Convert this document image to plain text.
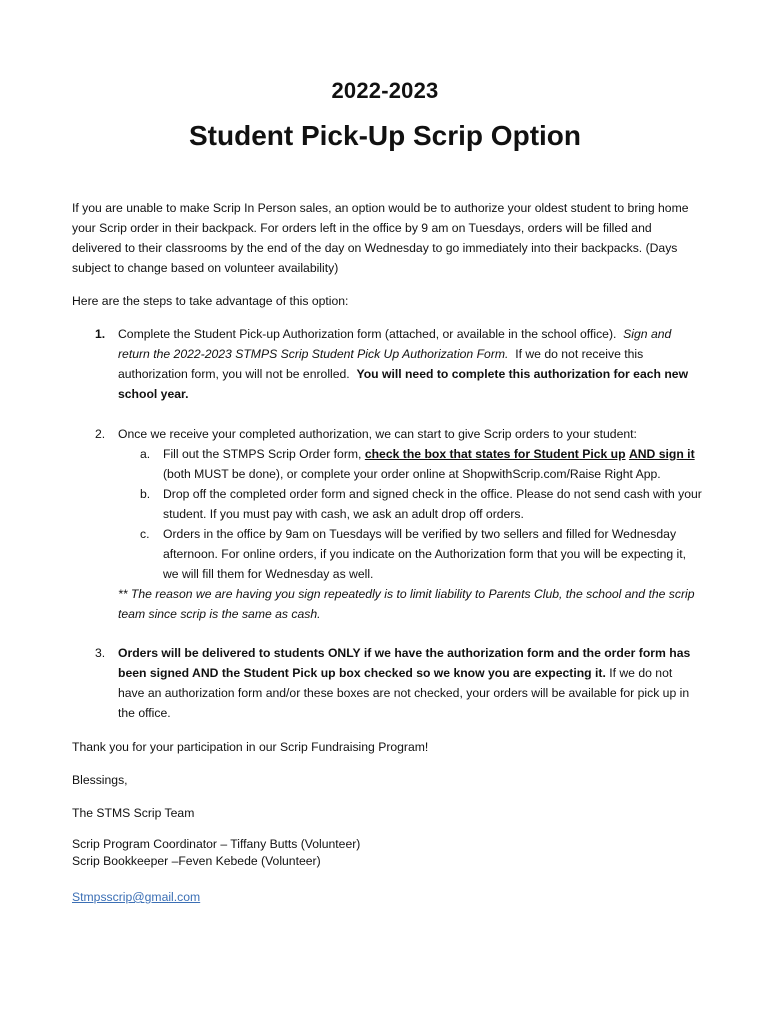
2022-2023
Student Pick-Up Scrip Option
If you are unable to make Scrip In Person sales, an option would be to authorize your oldest student to bring home your Scrip order in their backpack. For orders left in the office by 9 am on Tuesdays, orders will be filled and delivered to their classrooms by the end of the day on Wednesday to go immediately into their backpacks. (Days subject to change based on volunteer availability)
Here are the steps to take advantage of this option:
1. Complete the Student Pick-up Authorization form (attached, or available in the school office). Sign and return the 2022-2023 STMPS Scrip Student Pick Up Authorization Form. If we do not receive this authorization form, you will not be enrolled. You will need to complete this authorization for each new school year.
2. Once we receive your completed authorization, we can start to give Scrip orders to your student:
a. Fill out the STMPS Scrip Order form, check the box that states for Student Pick up AND sign it (both MUST be done), or complete your order online at ShopwithScrip.com/Raise Right App.
b. Drop off the completed order form and signed check in the office. Please do not send cash with your student. If you must pay with cash, we ask an adult drop off orders.
c. Orders in the office by 9am on Tuesdays will be verified by two sellers and filled for Wednesday afternoon. For online orders, if you indicate on the Authorization form that you will be expecting it, we will fill them for Wednesday as well.
** The reason we are having you sign repeatedly is to limit liability to Parents Club, the school and the scrip team since scrip is the same as cash.
3. Orders will be delivered to students ONLY if we have the authorization form and the order form has been signed AND the Student Pick up box checked so we know you are expecting it. If we do not have an authorization form and/or these boxes are not checked, your orders will be available for pick up in the office.
Thank you for your participation in our Scrip Fundraising Program!
Blessings,
The STMS Scrip Team
Scrip Program Coordinator – Tiffany Butts (Volunteer)
Scrip Bookkeeper –Feven Kebede (Volunteer)
Stmpsscrip@gmail.com
